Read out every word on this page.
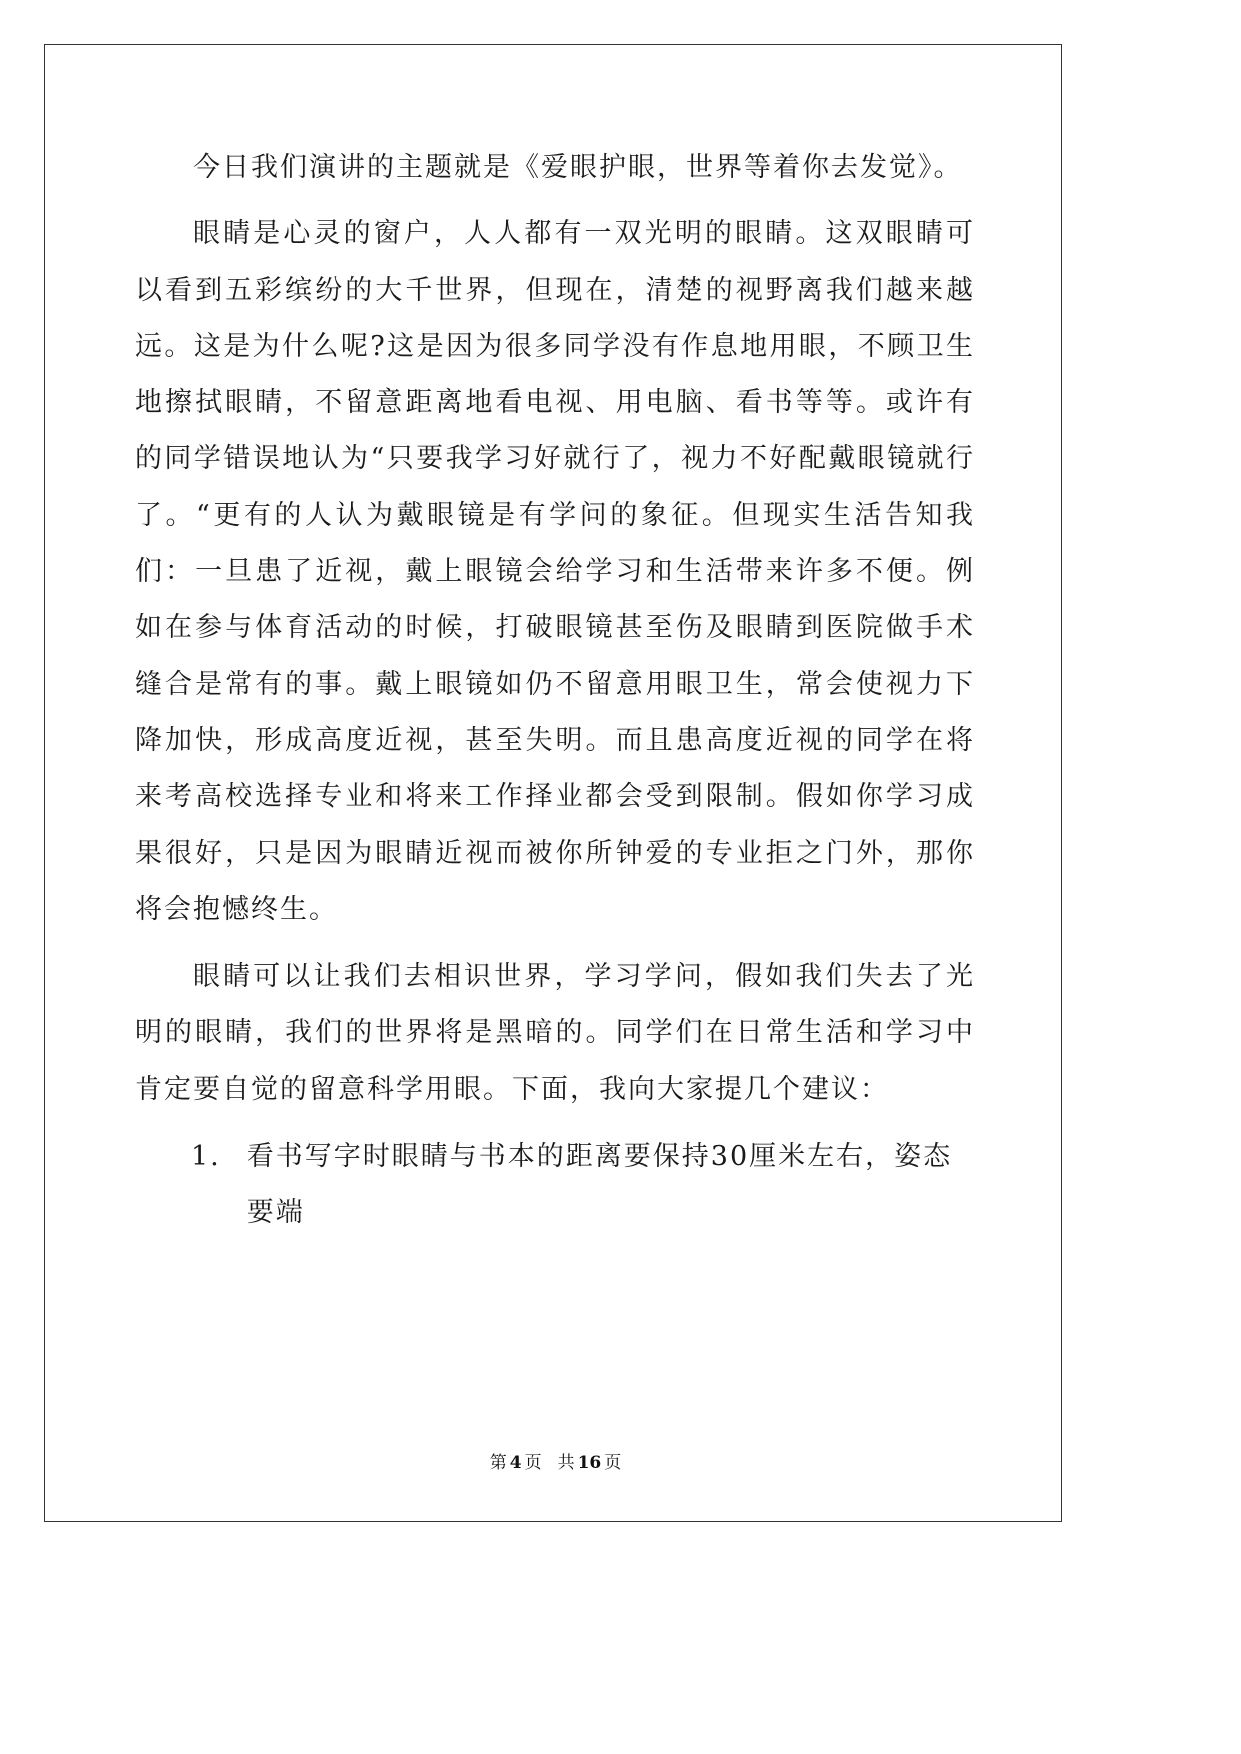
今日我们演讲的主题就是《爱眼护眼，世界等着你去发觉》。

眼睛是心灵的窗户，人人都有一双光明的眼睛。这双眼睛可以看到五彩缤纷的大千世界，但现在，清楚的视野离我们越来越远。这是为什么呢?这是因为很多同学没有作息地用眼，不顾卫生地擦拭眼睛，不留意距离地看电视、用电脑、看书等等。或许有的同学错误地认为“只要我学习好就行了，视力不好配戴眼镜就行了。“更有的人认为戴眼镜是有学问的象征。但现实生活告知我们：一旦患了近视，戴上眼镜会给学习和生活带来许多不便。例如在参与体育活动的时候，打破眼镜甚至伤及眼睛到医院做手术缝合是常有的事。戴上眼镜如仍不留意用眼卫生，常会使视力下降加快，形成高度近视，甚至失明。而且患高度近视的同学在将来考高校选择专业和将来工作择业都会受到限制。假如你学习成果很好，只是因为眼睛近视而被你所钟爱的专业拒之门外，那你将会抱憾终生。

眼睛可以让我们去相识世界，学习学问，假如我们失去了光明的眼睛，我们的世界将是黑暗的。同学们在日常生活和学习中肯定要自觉的留意科学用眼。下面，我向大家提几个建议：

1. 看书写字时眼睛与书本的距离要保持30厘米左右，姿态要端
第 4 页 共 16 页
